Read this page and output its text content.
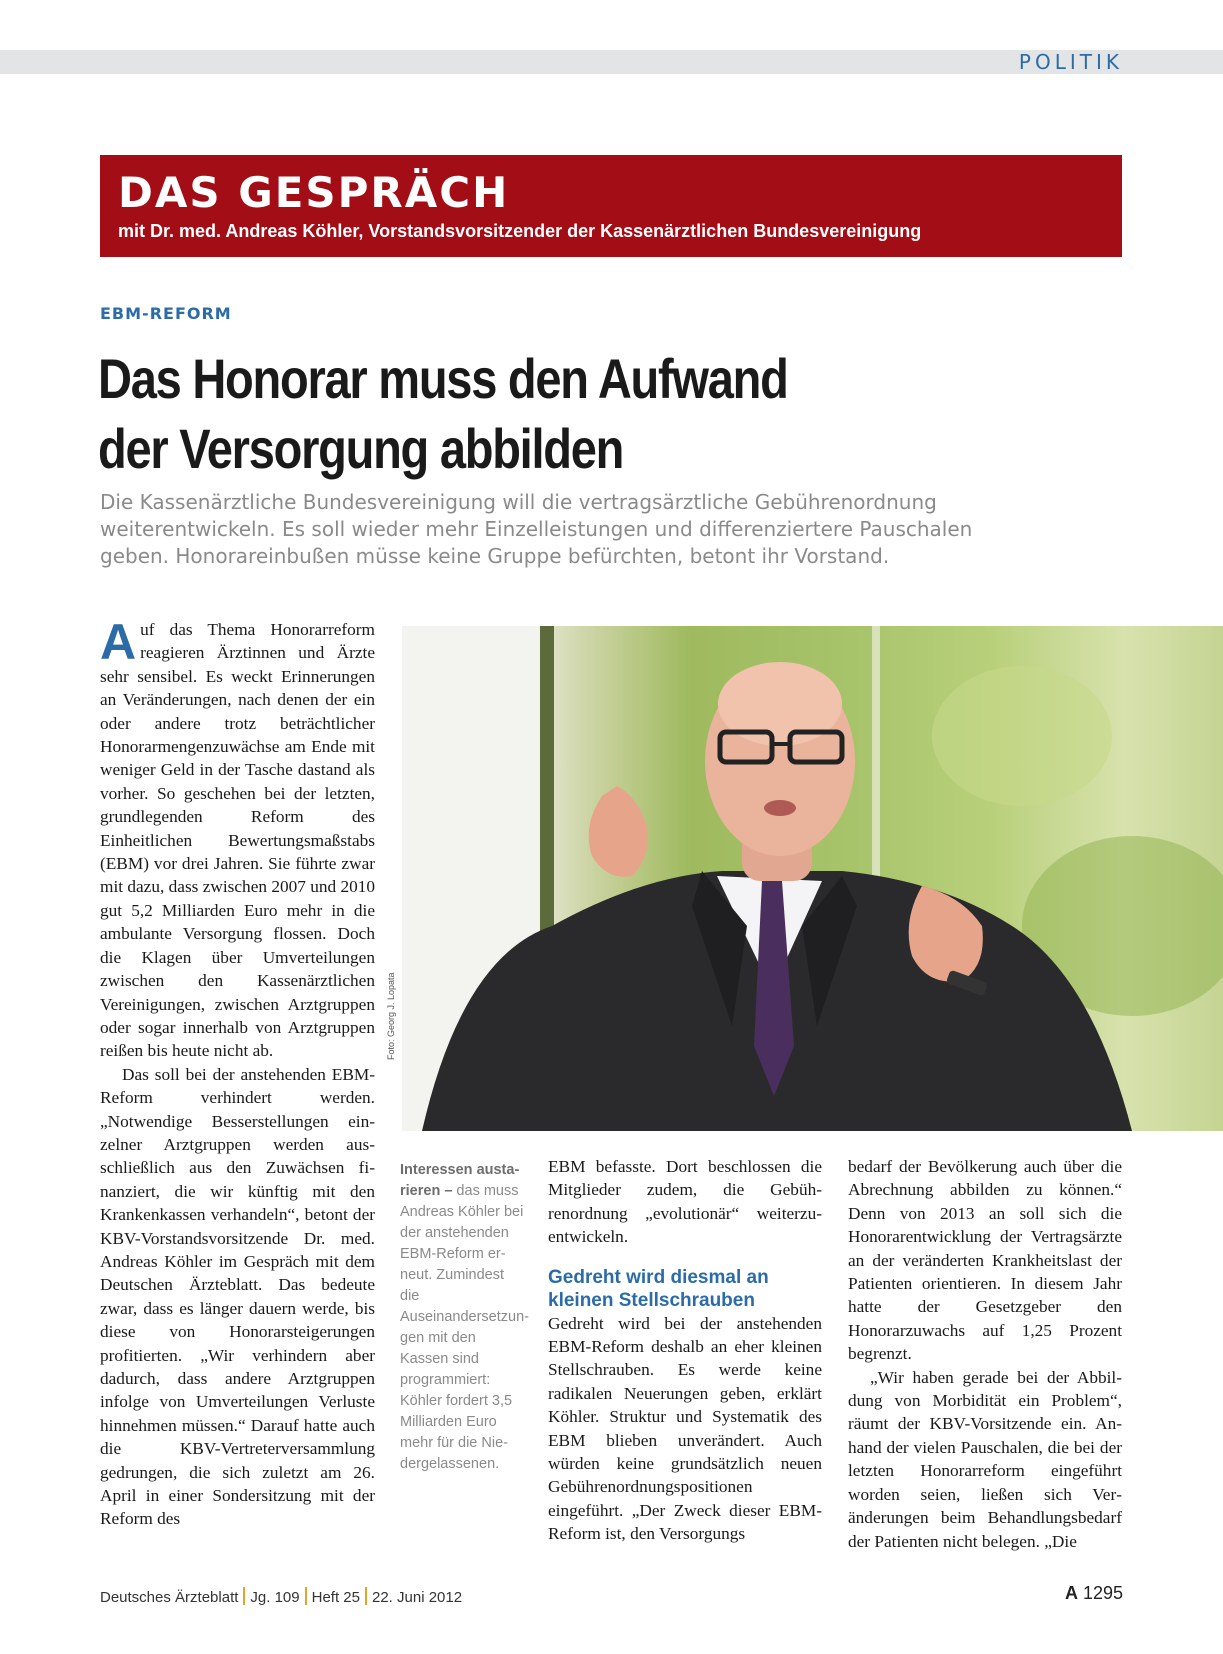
POLITIK
DAS GESPRÄCH
mit Dr. med. Andreas Köhler, Vorstandsvorsitzender der Kassenärztlichen Bundesvereinigung
EBM-REFORM
Das Honorar muss den Aufwand
der Versorgung abbilden
Die Kassenärztliche Bundesvereinigung will die vertragsärztliche Gebührenordnung weiterentwickeln. Es soll wieder mehr Einzelleistungen und differenziertere Pauschalen geben. Honorareinbußen müsse keine Gruppe befürchten, betont ihr Vorstand.

Auf das Thema Honorarreform reagieren Ärztinnen und Ärzte sehr sensibel. Es weckt Erinnerungen an Veränderungen, nach denen der ein oder andere trotz beträchtlicher Honorarmengenzuwächse am Ende mit weniger Geld in der Tasche dastand als vorher. So geschehen bei der letzten, grundlegenden Reform des Einheitlichen Bewertungsmaßstabs (EBM) vor drei Jahren. Sie führte zwar mit dazu, dass zwischen 2007 und 2010 gut 5,2 Milliarden Euro mehr in die ambulante Versorgung flossen. Doch die Klagen über Umverteilungen zwischen den Kassenärztlichen Vereinigungen, zwischen Arztgruppen oder sogar innerhalb von Arztgruppen reißen bis heute nicht ab.

Das soll bei der anstehenden EBM-Reform verhindert werden. „Notwendige Besserstellungen einzelner Arztgruppen werden ausschließlich aus den Zuwächsen finanziert, die wir künftig mit den Krankenkassen verhandeln“, betont der KBV-Vorstandsvorsitzende Dr. med. Andreas Köhler im Gespräch mit dem Deutschen Ärzteblatt. Das bedeute zwar, dass es länger dauern werde, bis diese von Honorarsteigerungen profitierten. „Wir verhindern aber dadurch, dass andere Arztgruppen infolge von Umverteilungen Verluste hinnehmen müssen.“ Darauf hatte auch die KBV-Vertreterversammlung gedrungen, die sich zuletzt am 26. April in einer Sondersitzung mit der Reform des

Foto: Georg J. Lopata
Interessen austarieren – das muss Andreas Köhler bei der anstehenden EBM-Reform erneut. Zumindest die Auseinandersetzungen mit den Kassen sind programmiert: Köhler fordert 3,5 Milliarden Euro mehr für die Niedergelassenen.

EBM befasste. Dort beschlossen die Mitglieder zudem, die Gebührenordnung „evolutionär“ weiterzuentwickeln.

Gedreht wird diesmal an kleinen Stellschrauben

Gedreht wird bei der anstehenden EBM-Reform deshalb an eher kleinen Stellschrauben. Es werde keine radikalen Neuerungen geben, erklärt Köhler. Struktur und Systematik des EBM blieben unverändert. Auch würden keine grundsätzlich neuen Gebührenordnungspositionen eingeführt. „Der Zweck dieser EBM-Reform ist, den Versorgungs

bedarf der Bevölkerung auch über die Abrechnung abbilden zu können.“ Denn von 2013 an soll sich die Honorarentwicklung der Vertragsärzte an der veränderten Krankheitslast der Patienten orientieren. In diesem Jahr hatte der Gesetzgeber den Honorarzuwachs auf 1,25 Prozent begrenzt.

„Wir haben gerade bei der Abbildung von Morbidität ein Problem“, räumt der KBV-Vorsitzende ein. Anhand der vielen Pauschalen, die bei der letzten Honorarreform eingeführt worden seien, ließen sich Veränderungen beim Behandlungsbedarf der Patienten nicht belegen. „Die

Deutsches Ärzteblatt Jg. 109 Heft 25 22. Juni 2012	A 1295
